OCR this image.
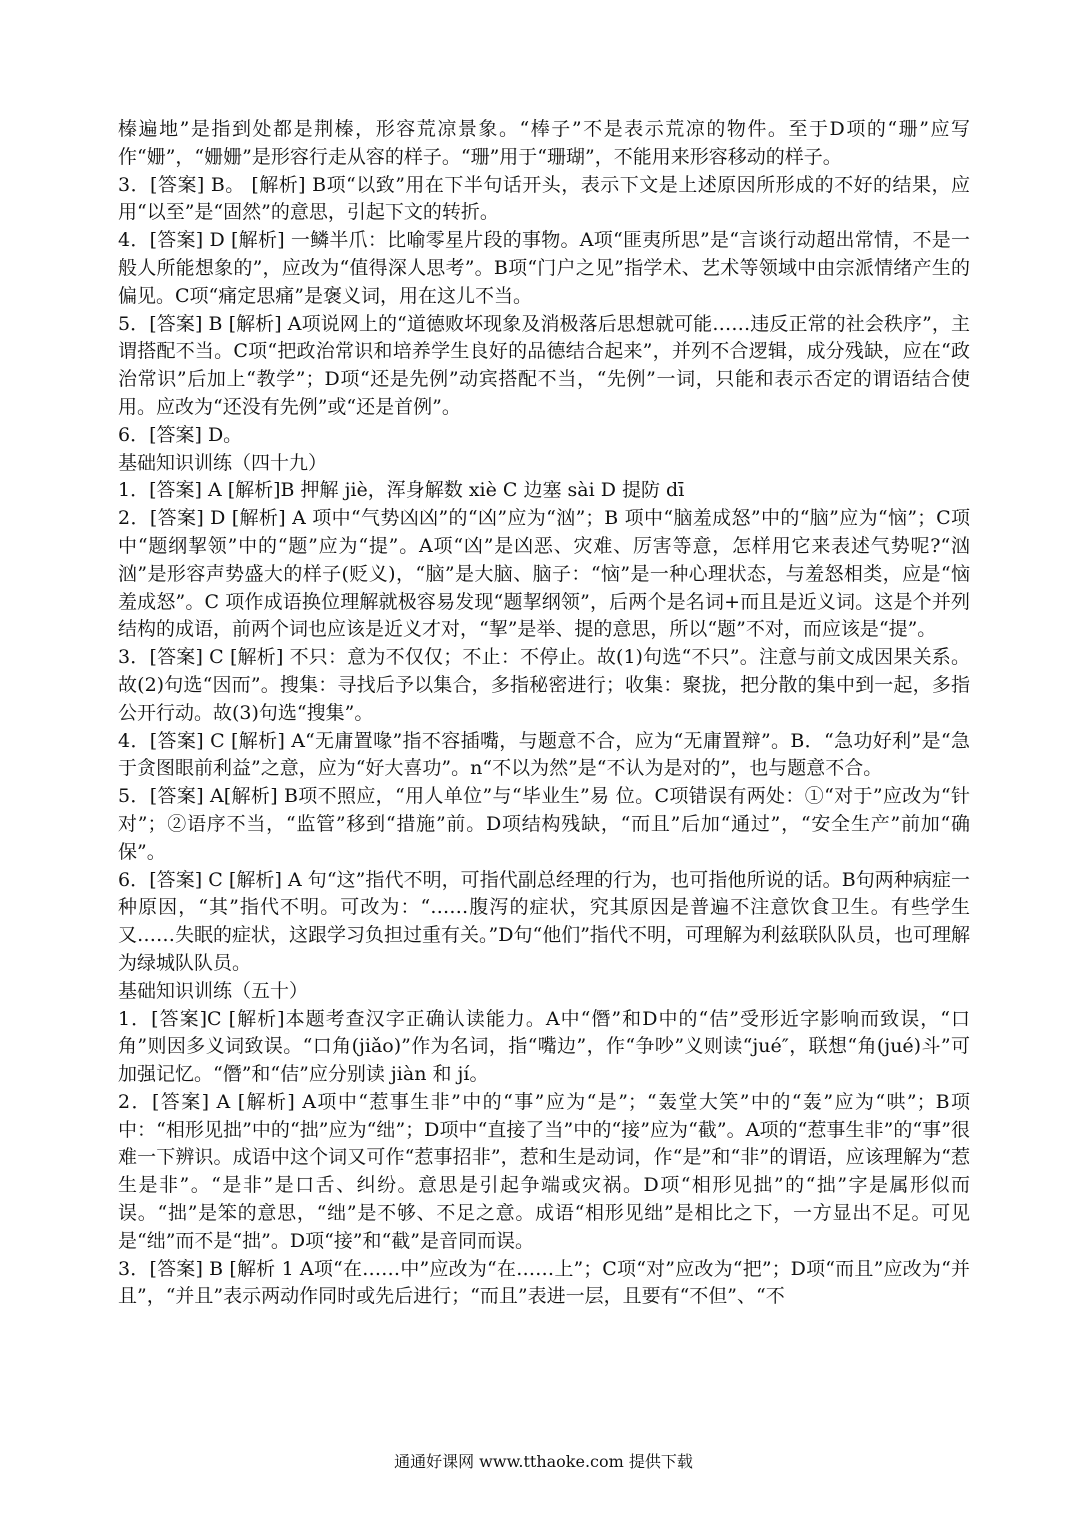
榛遍地”是指到处都是荆榛，形容荒凉景象。“棒子”不是表示荒凉的物件。至于D项的“珊”应写作“姗”，“姗姗”是形容行走从容的样子。“珊”用于“珊瑚”，不能用来形容移动的样子。

3．[答案] B。 [解析] B项“以致”用在下半句话开头，表示下文是上述原因所形成的不好的结果，应用“以至”是“固然”的意思，引起下文的转折。

4．[答案] D [解析] 一鳞半爪：比喻零星片段的事物。A项“匪夷所思”是“言谈行动超出常情，不是一般人所能想象的”，应改为“值得深人思考”。B项“门户之见”指学术、艺术等领域中由宗派情绪产生的偏见。C项“痛定思痛”是褒义词，用在这儿不当。

5．[答案] B [解析] A项说网上的“道德败坏现象及消极落后思想就可能……违反正常的社会秩序”，主谓搭配不当。C项“把政治常识和培养学生良好的品德结合起来”，并列不合逻辑，成分残缺，应在“政治常识”后加上“教学”；D项“还是先例”动宾搭配不当，“先例”一词，只能和表示否定的谓语结合使用。应改为“还没有先例”或“还是首例”。

6．[答案] D。

基础知识训练（四十九）

1．[答案] A [解析]B 押解 jiè，浑身解数 xiè C 边塞 sài D 提防 dī

2．[答案] D [解析] A 项中“气势凶凶”的“凶”应为“汹”；B 项中“脑羞成怒”中的“脑”应为“恼”；C项中“题纲挈领”中的“题”应为“提”。A项“凶”是凶恶、灾难、厉害等意，怎样用它来表述气势呢?“汹汹”是形容声势盛大的样子(贬义)，“脑”是大脑、脑子：“恼”是一种心理状态，与羞怒相类，应是“恼羞成怒”。C 项作成语换位理解就极容易发现“题挈纲领”，后两个是名词+而且是近义词。这是个并列结构的成语，前两个词也应该是近义才对，“挈”是举、提的意思，所以“题”不对，而应该是“提”。

3．[答案] C [解析] 不只：意为不仅仅；不止：不停止。故(1)句选“不只”。注意与前文成因果关系。故(2)句选“因而”。搜集：寻找后予以集合，多指秘密进行；收集：聚拢，把分散的集中到一起，多指公开行动。故(3)句选“搜集”。

4．[答案] C [解析] A“无庸置喙”指不容插嘴，与题意不合，应为“无庸置辩”。B．“急功好利”是“急于贪图眼前利益”之意，应为“好大喜功”。n“不以为然”是“不认为是对的”，也与题意不合。

5．[答案] A[解析] B项不照应，“用人单位”与“毕业生”易 位。C项错误有两处：①“对于”应改为“针对”；②语序不当，“监管”移到“措施”前。D项结构残缺，“而且”后加“通过”，“安全生产”前加“确保”。

6．[答案] C [解析] A 句“这”指代不明，可指代副总经理的行为，也可指他所说的话。B句两种病症一种原因，“其”指代不明。可改为：“……腹泻的症状，究其原因是普遍不注意饮食卫生。有些学生又……失眠的症状，这跟学习负担过重有关。”D句“他们”指代不明，可理解为利兹联队队员，也可理解为绿城队队员。

基础知识训练（五十）

1．[答案]C [解析]本题考查汉字正确认读能力。A中“僭”和D中的“佶”受形近字影响而致误，“口角”则因多义词致误。“口角(jiǎo)”作为名词，指“嘴边”，作“争吵”义则读“jué″，联想“角(jué)斗”可加强记忆。“僭”和“佶”应分别读 jiàn 和 jí。

2．[答案] A [解析] A项中“惹事生非”中的“事”应为“是”；“轰堂大笑”中的“轰”应为“哄”；B项中：“相形见拙”中的“拙”应为“绌”；D项中“直接了当”中的“接”应为“截”。A项的“惹事生非”的“事”很难一下辨识。成语中这个词又可作“惹事招非”，惹和生是动词，作“是”和“非”的谓语，应该理解为“惹生是非”。“是非”是口舌、纠纷。意思是引起争端或灾祸。D项“相形见拙”的“拙”字是属形似而误。“拙”是笨的意思，“绌”是不够、不足之意。成语“相形见绌”是相比之下，一方显出不足。可见是“绌”而不是“拙”。D项“接”和“截”是音同而误。

3．[答案] B [解析 1 A项“在……中”应改为“在……上”；C项“对”应改为“把”；D项“而且”应改为“并且”，“并且”表示两动作同时或先后进行；“而且”表进一层，且要有“不但”、“不

通通好课网 www.tthaoke.com 提供下载
